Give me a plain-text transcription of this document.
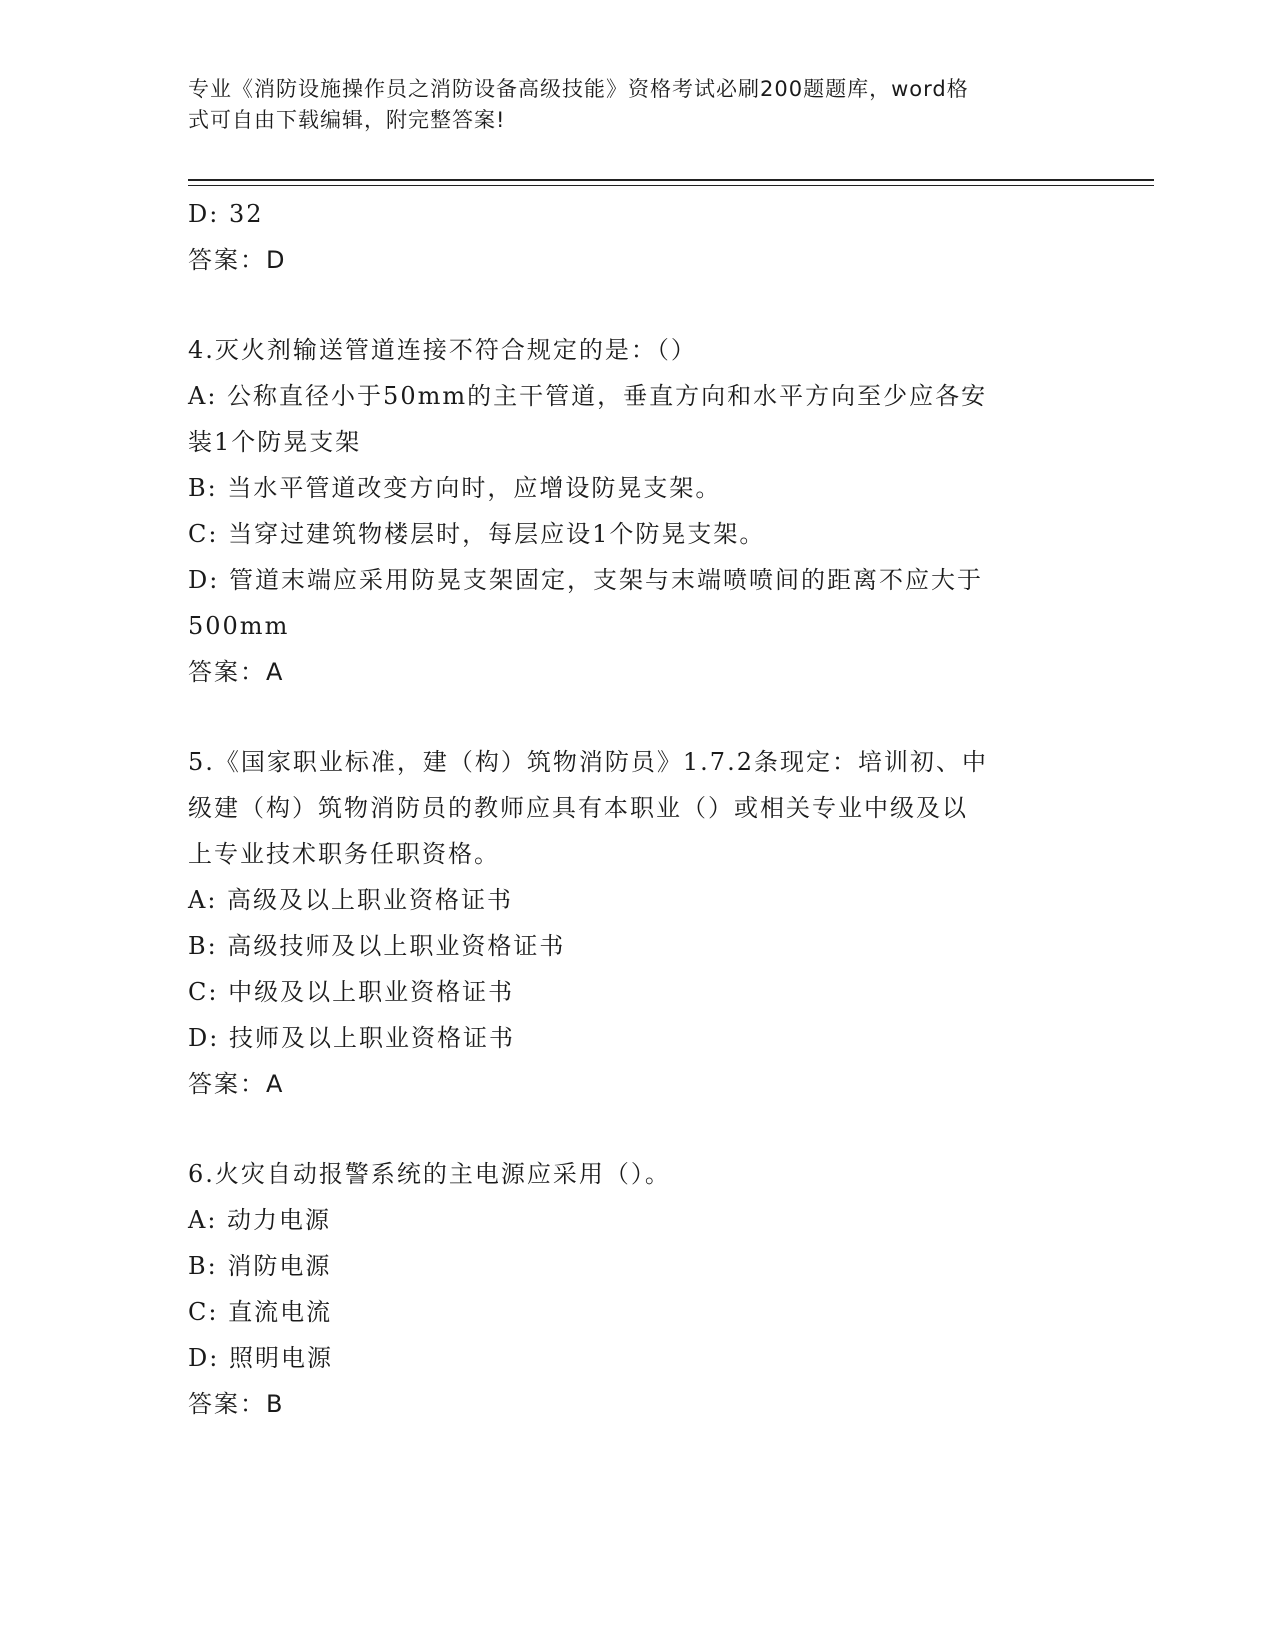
专业《消防设施操作员之消防设备高级技能》资格考试必刷200题题库，word格
式可自由下载编辑，附完整答案!
D: 32
答案：D
4.灭火剂输送管道连接不符合规定的是：（）
A: 公称直径小于50mm的主干管道，垂直方向和水平方向至少应各安
装1个防晃支架
B: 当水平管道改变方向时，应增设防晃支架。
C: 当穿过建筑物楼层时，每层应设1个防晃支架。
D: 管道末端应采用防晃支架固定，支架与末端喷喷间的距离不应大于
500mm
答案：A
5.《国家职业标准，建（构）筑物消防员》1.7.2条现定：培训初、中
级建（构）筑物消防员的教师应具有本职业（）或相关专业中级及以
上专业技术职务任职资格。
A: 高级及以上职业资格证书
B: 高级技师及以上职业资格证书
C: 中级及以上职业资格证书
D: 技师及以上职业资格证书
答案：A
6.火灾自动报警系统的主电源应采用（）。
A: 动力电源
B: 消防电源
C: 直流电流
D: 照明电源
答案：B
